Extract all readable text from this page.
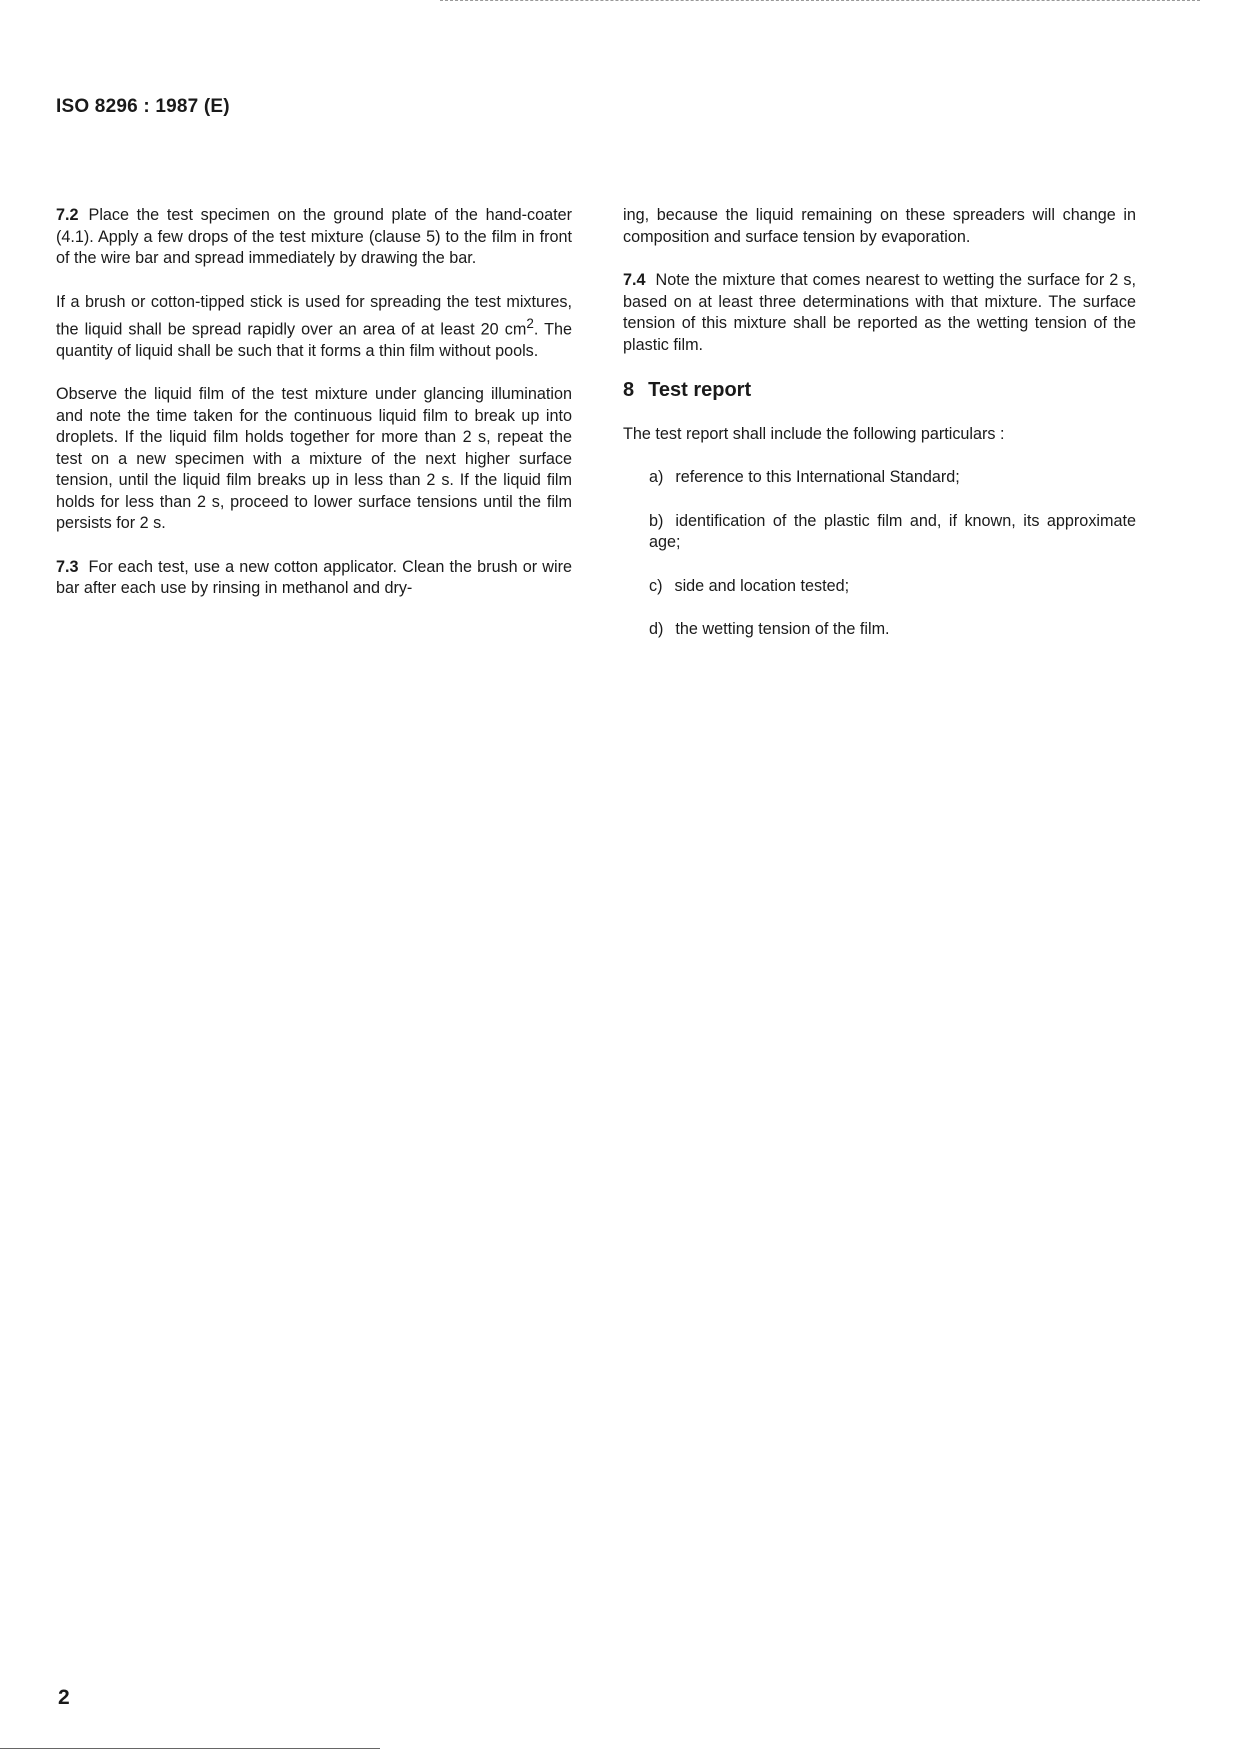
ISO 8296 : 1987 (E)

7.2 Place the test specimen on the ground plate of the hand-coater (4.1). Apply a few drops of the test mixture (clause 5) to the film in front of the wire bar and spread immediately by drawing the bar.

If a brush or cotton-tipped stick is used for spreading the test mixtures, the liquid shall be spread rapidly over an area of at least 20 $cm^2$. The quantity of liquid shall be such that it forms a thin film without pools.

Observe the liquid film of the test mixture under glancing illumination and note the time taken for the continuous liquid film to break up into droplets. If the liquid film holds together for more than 2 s, repeat the test on a new specimen with a mixture of the next higher surface tension, until the liquid film breaks up in less than 2 s. If the liquid film holds for less than 2 s, proceed to lower surface tensions until the film persists for 2 s.

7.3 For each test, use a new cotton applicator. Clean the brush or wire bar after each use by rinsing in methanol and dry-

ing, because the liquid remaining on these spreaders will change in composition and surface tension by evaporation.

7.4 Note the mixture that comes nearest to wetting the surface for 2 s, based on at least three determinations with that mixture. The surface tension of this mixture shall be reported as the wetting tension of the plastic film.

8 Test report

The test report shall include the following particulars :

a) reference to this International Standard;
b) identification of the plastic film and, if known, its approximate age;
c) side and location tested;
d) the wetting tension of the film.
2
